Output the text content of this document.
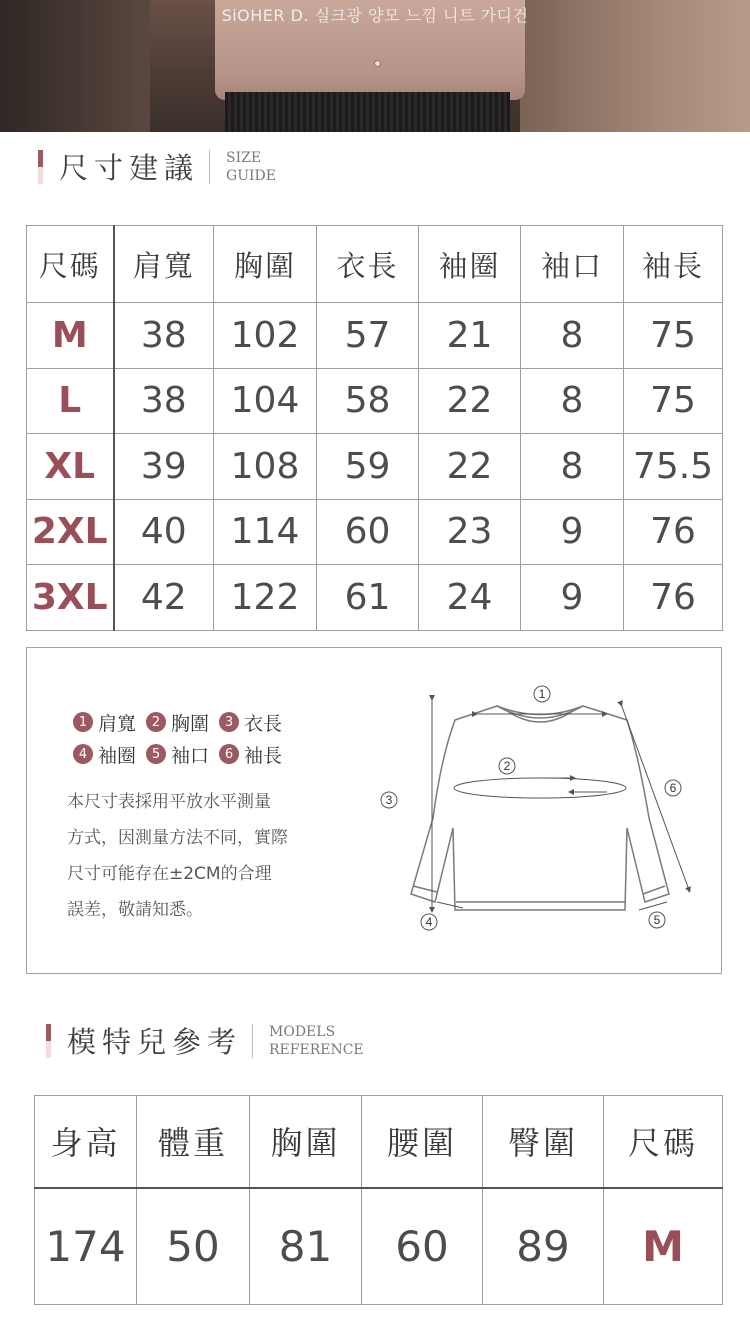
SiOHER D. 실크광 양모 느낌 니트 가디건
尺寸建議 SIZE
GUIDE
尺碼	肩寬	胸圍	衣長	袖圈	袖口	袖長
M	38	102	57	21	8	75
L	38	104	58	22	8	75
XL	39	108	59	22	8	75.5
2XL	40	114	60	23	9	76
3XL	42	122	61	24	9	76
1 肩寬	2 胸圍	3 衣長
4 袖圈	5 袖口	6 袖長
本尺寸表採用平放水平測量
方式，因測量方法不同，實際
尺寸可能存在±2CM的合理
誤差，敬請知悉。
1
2
3
4	5
6
模特兒參考 MODELS
REFERENCE
身高	體重	胸圍	腰圍	臀圍	尺碼
174	50	81	60	89	M
